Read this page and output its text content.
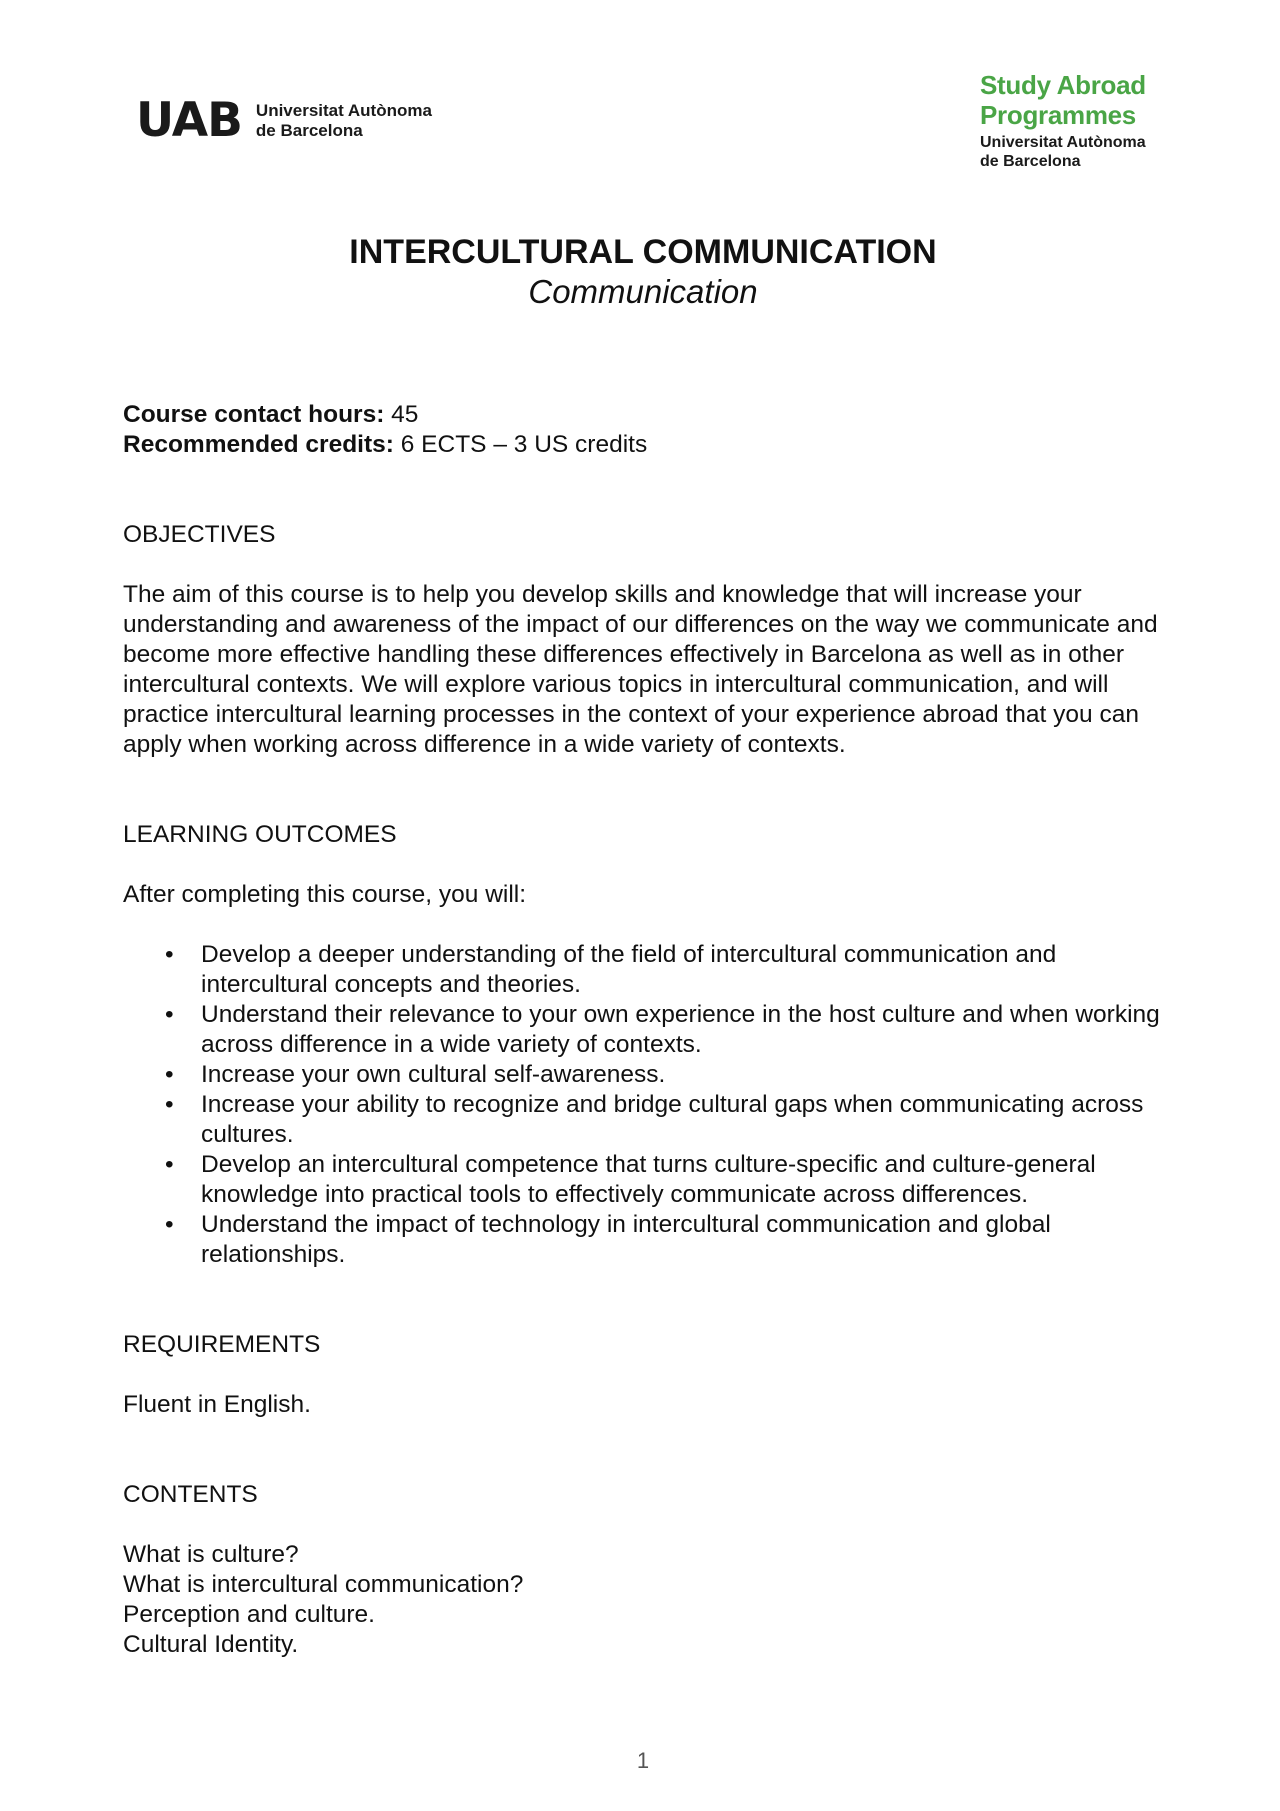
UAB Universitat Autònoma
de Barcelona
Study Abroad
Programmes
Universitat Autònoma
de Barcelona
INTERCULTURAL COMMUNICATION
Communication

Course contact hours: 45

Recommended credits: 6 ECTS – 3 US credits

OBJECTIVES

The aim of this course is to help you develop skills and knowledge that will increase your understanding and awareness of the impact of our differences on the way we communicate and become more effective handling these differences effectively in Barcelona as well as in other intercultural contexts. We will explore various topics in intercultural communication, and will practice intercultural learning processes in the context of your experience abroad that you can apply when working across difference in a wide variety of contexts.

LEARNING OUTCOMES

After completing this course, you will:

• Develop a deeper understanding of the field of intercultural communication and intercultural concepts and theories.
• Understand their relevance to your own experience in the host culture and when working across difference in a wide variety of contexts.
• Increase your own cultural self-awareness.
• Increase your ability to recognize and bridge cultural gaps when communicating across cultures.
• Develop an intercultural competence that turns culture-specific and culture-general knowledge into practical tools to effectively communicate across differences.
• Understand the impact of technology in intercultural communication and global relationships.

REQUIREMENTS

Fluent in English.

CONTENTS

What is culture?

What is intercultural communication?

Perception and culture.

Cultural Identity.

1
